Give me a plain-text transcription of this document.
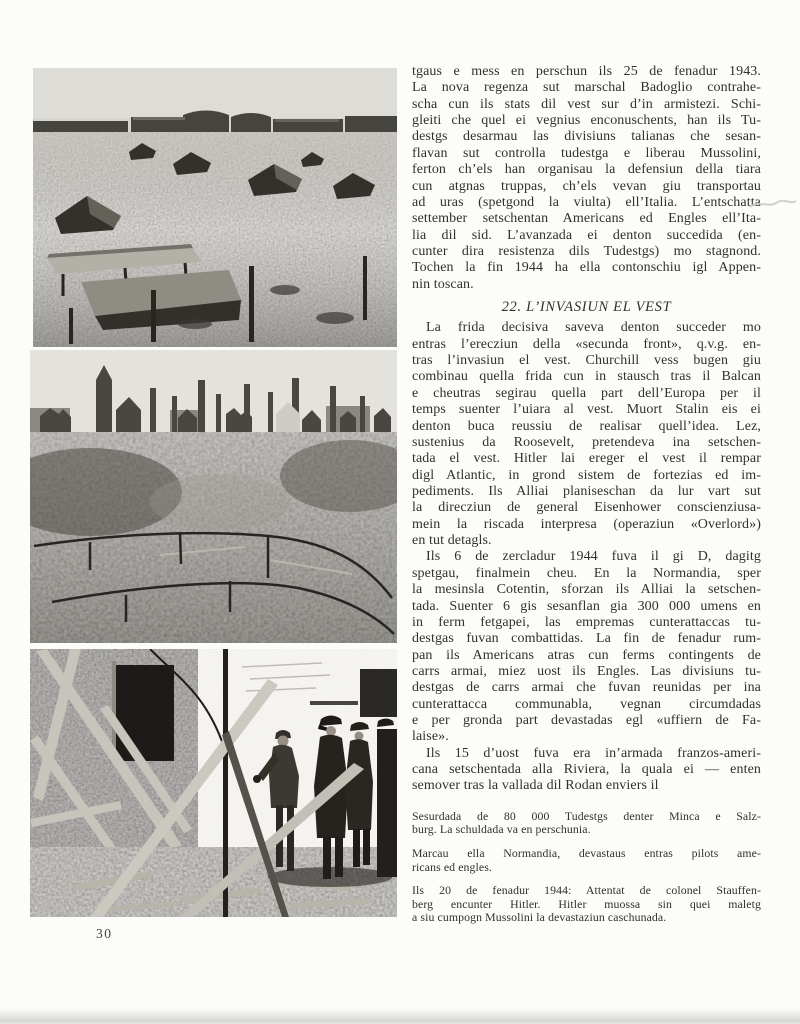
tgaus e mess en perschun ils 25 de fenadur 1943.
La nova regenza sut marschal Badoglio contrahe-
scha cun ils stats dil vest sur d’in armistezi. Schi-
gleiti che quel ei vegnius enconuschents, han ils Tu-
destgs desarmau las divisiuns talianas che sesan-
flavan sut controlla tudestga e liberau Mussolini,
ferton ch’els han organisau la defensiun della tiara
cun atgnas truppas, ch’els vevan giu transportau
ad uras (spetgond la viulta) ell’Italia. L’entschatta
settember setschentan Americans ed Engles ell’Ita-
lia dil sid. L’avanzada ei denton succedida (en-
cunter dira resistenza dils Tudestgs) mo stagnond.
Tochen la fin 1944 ha ella contonschiu igl Appen-
nin toscan.
22. L’INVASIUN EL VEST
La frida decisiva saveva denton succeder mo
entras l’erecziun della «secunda front», q.v.g. en-
tras l’invasiun el vest. Churchill vess bugen giu
combinau quella frida cun in stausch tras il Balcan
e cheutras segirau quella part dell’Europa per il
temps suenter l’uiara al vest. Muort Stalin eis ei
denton buca reussiu de realisar quell’idea. Lez,
sustenius da Roosevelt, pretendeva ina setschen-
tada el vest. Hitler lai ereger el vest il rempar
digl Atlantic, in grond sistem de fortezias ed im-
pediments. Ils Alliai planiseschan da lur vart sut
la direcziun de general Eisenhower conscienziusa-
mein la riscada interpresa (operaziun «Overlord»)
en tut detagls.
Ils 6 de zercladur 1944 fuva il gi D, dagitg
spetgau, finalmein cheu. En la Normandia, sper
la mesinsla Cotentin, sforzan ils Alliai la setschen-
tada. Suenter 6 gis sesanflan gia 300 000 umens en
in ferm fetgapei, las empremas cunterattaccas tu-
destgas fuvan combattidas. La fin de fenadur rum-
pan ils Americans atras cun ferms contingents de
carrs armai, miez uost ils Engles. Las divisiuns tu-
destgas de carrs armai che fuvan reunidas per ina
cunterattacca communabla, vegnan circumdadas
e per gronda part devastadas egl «uffiern de Fa-
laise».
Ils 15 d’uost fuva era in’armada franzos-ameri-
cana setschentada alla Riviera, la quala ei — enten
semover tras la vallada dil Rodan enviers il
Sesurdada de 80 000 Tudestgs denter Minca e Salz-
burg. La schuldada va en perschunia.
Marcau ella Normandia, devastaus entras pilots ame-
ricans ed engles.
Ils 20 de fenadur 1944: Attentat de colonel Stauffen-
berg encunter Hitler. Hitler muossa sin quei maletg
a siu cumpogn Mussolini la devastaziun caschunada.
30
